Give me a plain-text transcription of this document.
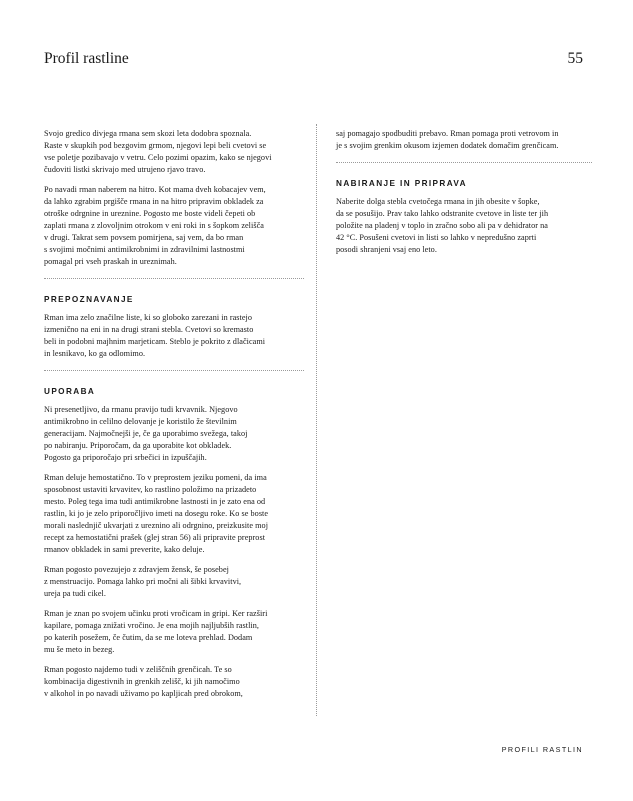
Profil rastline	55

Svojo gredico divjega rmana sem skozi leta dodobra spoznala.
Raste v skupkih pod bezgovim grmom, njegovi lepi beli cvetovi se
vse poletje pozibavajo v vetru. Celo pozimi opazim, kako se njegovi
čudoviti listki skrivajo med utrujeno rjavo travo.

Po navadi rman naberem na hitro. Kot mama dveh kobacajev vem,
da lahko zgrabim prgišče rmana in na hitro pripravim obkladek za
otroške odrgnine in ureznine. Pogosto me boste videli čepeti ob
zaplati rmana z zlovoljnim otrokom v eni roki in s šopkom zelišča
v drugi. Takrat sem povsem pomirjena, saj vem, da bo rman
s svojimi močnimi antimikrobnimi in zdravilnimi lastnostmi
pomagal pri vseh praskah in ureznimah.

PREPOZNAVANJE

Rman ima zelo značilne liste, ki so globoko zarezani in rastejo
izmenično na eni in na drugi strani stebla. Cvetovi so kremasto
beli in podobni majhnim marjeticam. Steblo je pokrito z dlačicami
in lesnikavo, ko ga odlomimo.

UPORABA

Ni presenetljivo, da rmanu pravijo tudi krvavnik. Njegovo
antimikrobno in celilno delovanje je koristilo že številnim
generacijam. Najmočnejši je, če ga uporabimo svežega, takoj
po nabiranju. Priporočam, da ga uporabite kot obkladek.
Pogosto ga priporočajo pri srbečici in izpuščajih.

Rman deluje hemostatično. To v preprostem jeziku pomeni, da ima
sposobnost ustaviti krvavitev, ko rastlino položimo na prizadeto
mesto. Poleg tega ima tudi antimikrobne lastnosti in je zato ena od
rastlin, ki jo je zelo priporočljivo imeti na dosegu roke. Ko se boste
morali naslednjič ukvarjati z ureznino ali odrgnino, preizkusite moj
recept za hemostatični prašek (glej stran 56) ali pripravite preprost
rmanov obkladek in sami preverite, kako deluje.

Rman pogosto povezujejo z zdravjem žensk, še posebej
z menstruacijo. Pomaga lahko pri močni ali šibki krvavitvi,
ureja pa tudi cikel.

Rman je znan po svojem učinku proti vročicam in gripi. Ker razširi
kapilare, pomaga znižati vročino. Je ena mojih najljubših rastlin,
po katerih posežem, če čutim, da se me loteva prehlad. Dodam
mu še meto in bezeg.

Rman pogosto najdemo tudi v zeliščnih grenčicah. Te so
kombinacija digestivnih in grenkih zelišč, ki jih namočimo
v alkohol in po navadi uživamo po kapljicah pred obrokom,

saj pomagajo spodbuditi prebavo. Rman pomaga proti vetrovom in
je s svojim grenkim okusom izjemen dodatek domačim grenčicam.

NABIRANJE IN PRIPRAVA

Naberite dolga stebla cvetočega rmana in jih obesite v šopke,
da se posušijo. Prav tako lahko odstranite cvetove in liste ter jih
položite na pladenj v toplo in zračno sobo ali pa v dehidrator na
42 °C. Posušeni cvetovi in listi so lahko v nepredušno zaprti
posodi shranjeni vsaj eno leto.

PROFILI RASTLIN
